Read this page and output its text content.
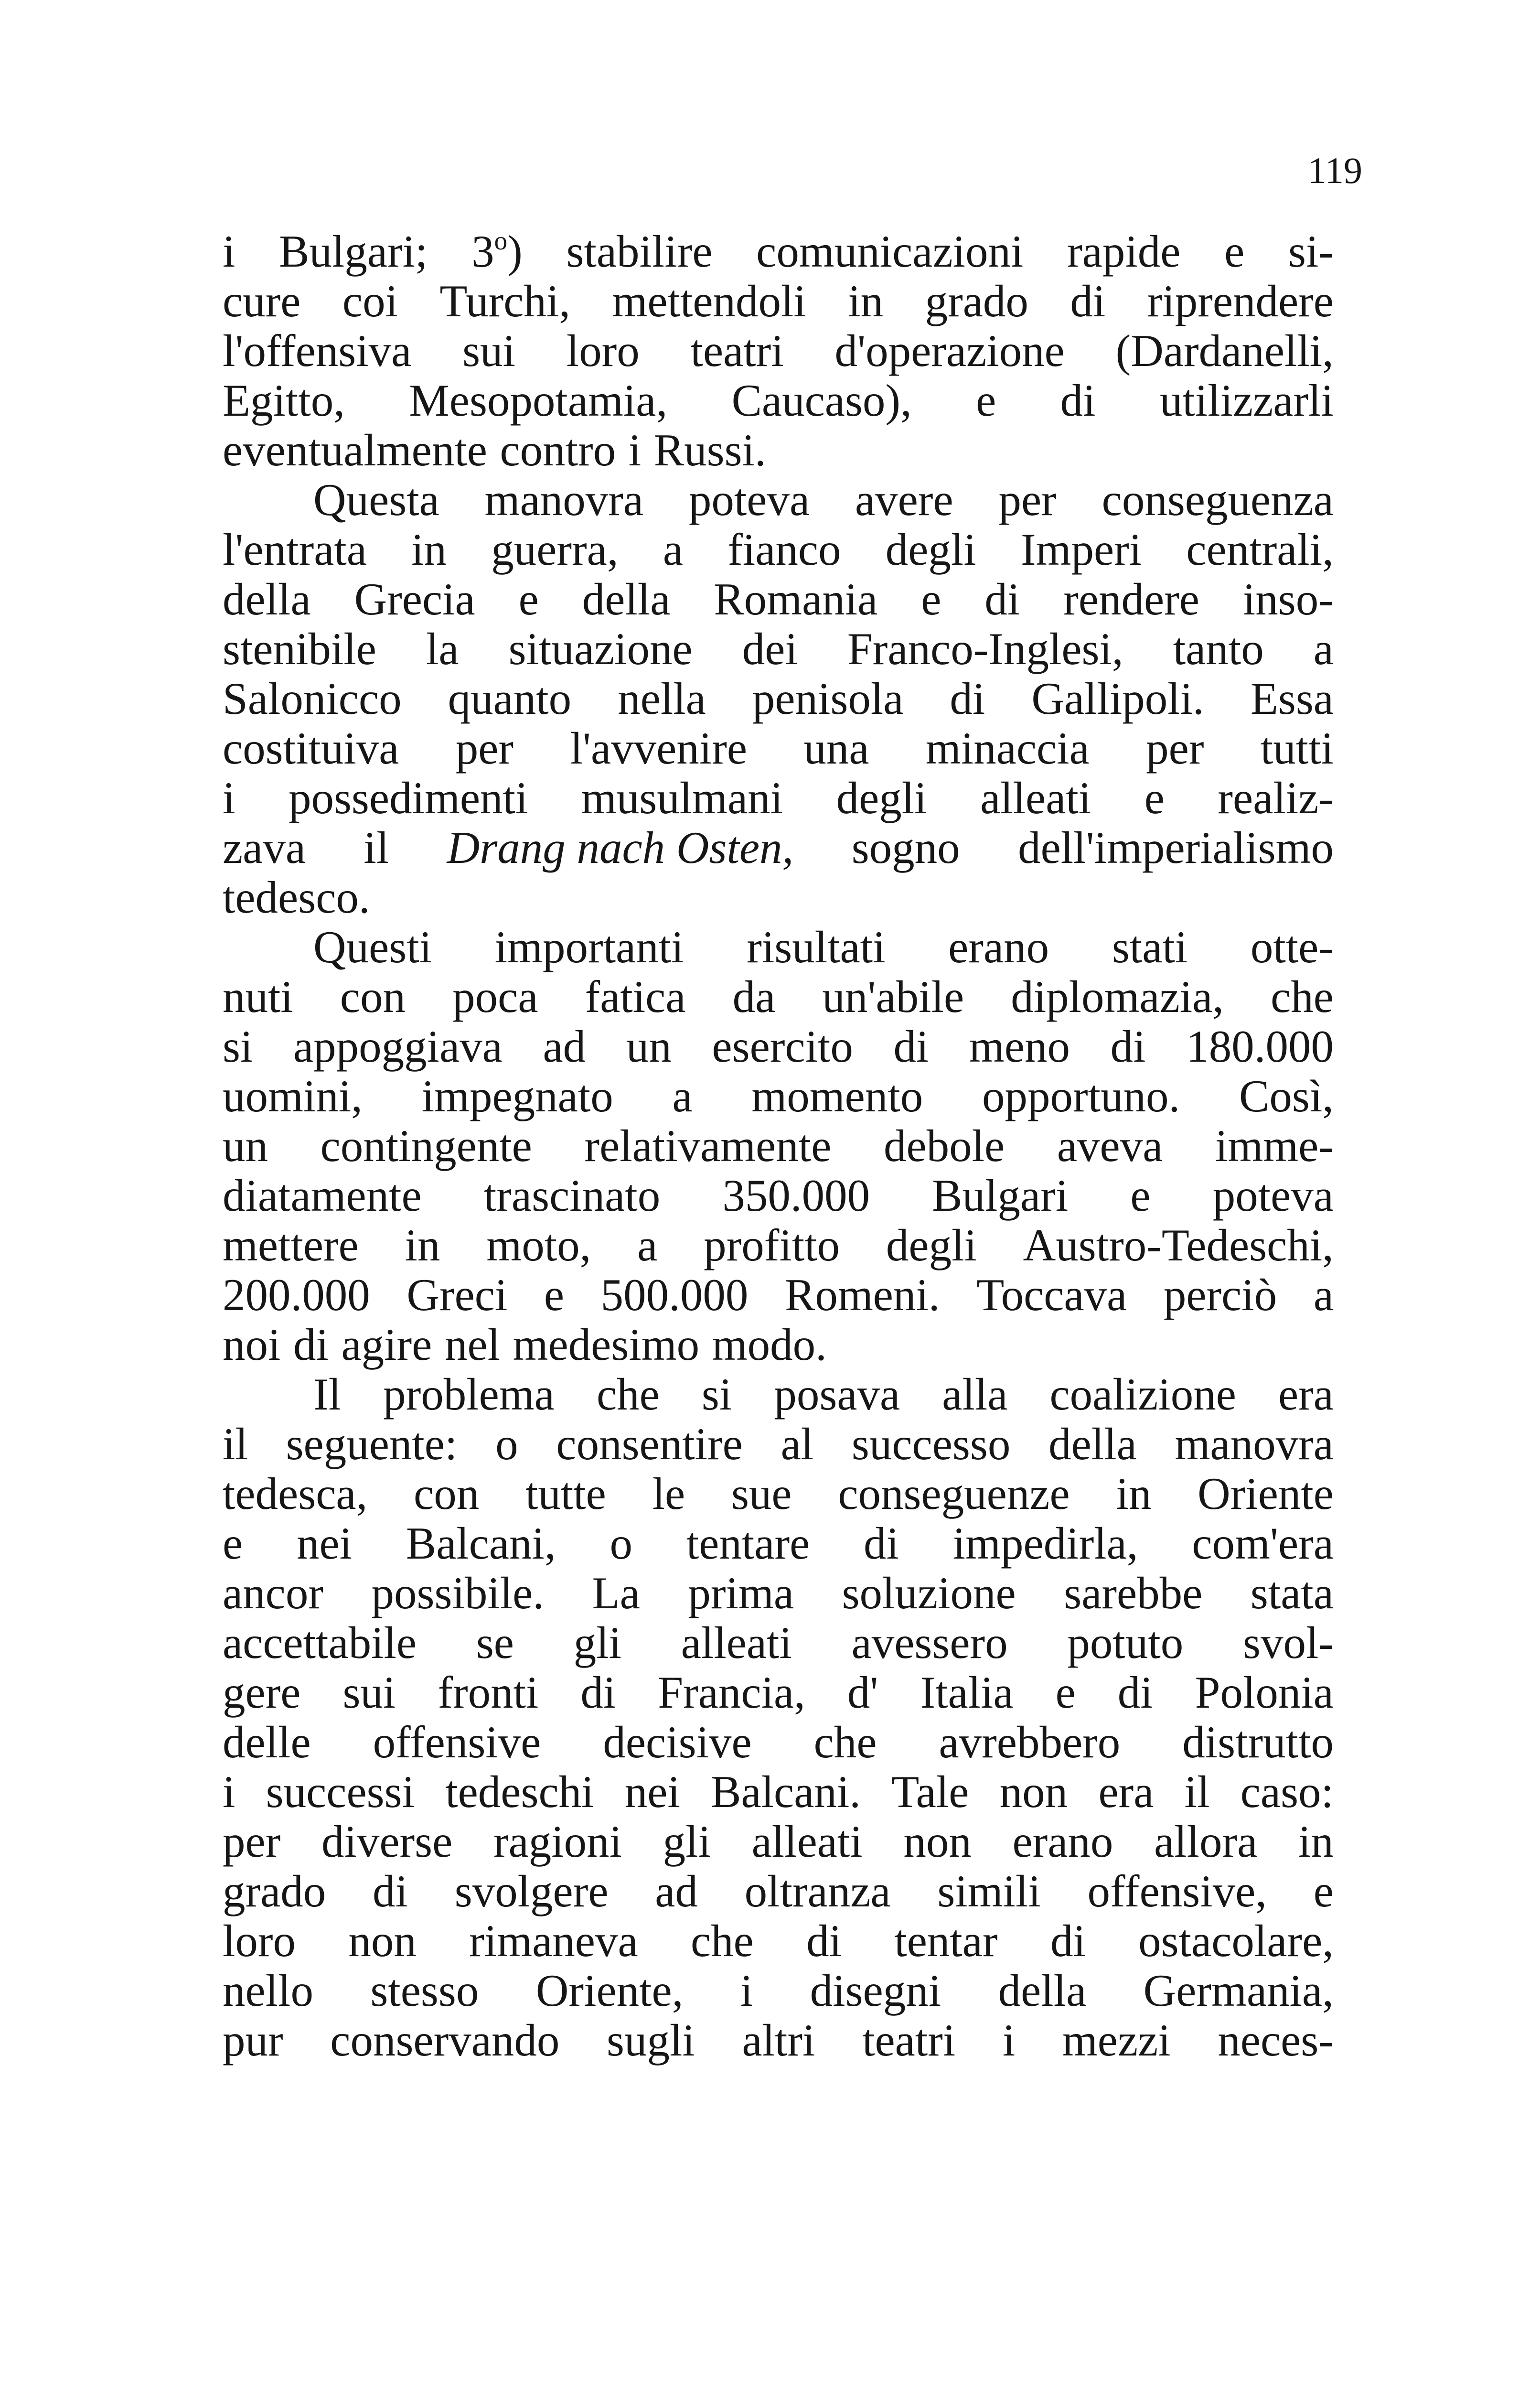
119
i Bulgari; 3$^o$) stabilire comunicazioni rapide e si-
cure coi Turchi, mettendoli in grado di riprendere
l'offensiva sui loro teatri d'operazione (Dardanelli,
Egitto, Mesopotamia, Caucaso), e di utilizzarli
eventualmente contro i Russi.
Questa manovra poteva avere per conseguenza
l'entrata in guerra, a fianco degli Imperi centrali,
della Grecia e della Romania e di rendere inso-
stenibile la situazione dei Franco-Inglesi, tanto a
Salonicco quanto nella penisola di Gallipoli. Essa
costituiva per l'avvenire una minaccia per tutti
i possedimenti musulmani degli alleati e realiz-
zava il Drang nach Osten, sogno dell'imperialismo
tedesco.
Questi importanti risultati erano stati otte-
nuti con poca fatica da un'abile diplomazia, che
si appoggiava ad un esercito di meno di 180.000
uomini, impegnato a momento opportuno. Così,
un contingente relativamente debole aveva imme-
diatamente trascinato 350.000 Bulgari e poteva
mettere in moto, a profitto degli Austro-Tedeschi,
200.000 Greci e 500.000 Romeni. Toccava perciò a
noi di agire nel medesimo modo.
Il problema che si posava alla coalizione era
il seguente: o consentire al successo della manovra
tedesca, con tutte le sue conseguenze in Oriente
e nei Balcani, o tentare di impedirla, com'era
ancor possibile. La prima soluzione sarebbe stata
accettabile se gli alleati avessero potuto svol-
gere sui fronti di Francia, d' Italia e di Polonia
delle offensive decisive che avrebbero distrutto
i successi tedeschi nei Balcani. Tale non era il caso:
per diverse ragioni gli alleati non erano allora in
grado di svolgere ad oltranza simili offensive, e
loro non rimaneva che di tentar di ostacolare,
nello stesso Oriente, i disegni della Germania,
pur conservando sugli altri teatri i mezzi neces-
